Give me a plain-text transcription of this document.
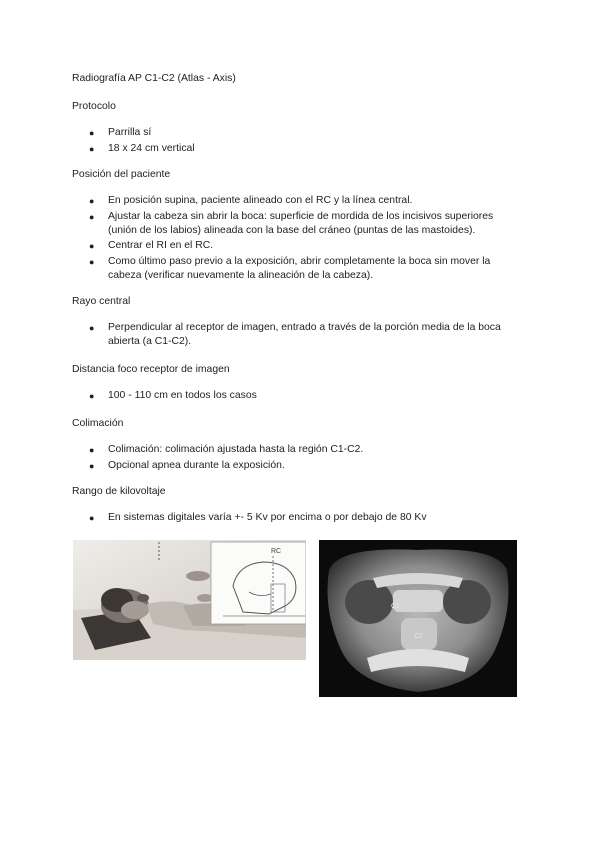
Radiografía AP C1-C2 (Atlas - Axis)
Protocolo
● Parrilla sí
● 18 x 24 cm vertical
Posición del paciente
● En posición supina, paciente alineado con el RC y la línea central.
● Ajustar la cabeza sin abrir la boca: superficie de mordida de los incisivos superiores (unión de los labios) alineada con la base del cráneo (puntas de las mastoides).
● Centrar el RI en el RC.
● Como último paso previo a la exposición, abrir completamente la boca sin mover la cabeza (verificar nuevamente la alineación de la cabeza).
Rayo central
● Perpendicular al receptor de imagen, entrado a través de la porción media de la boca abierta (a C1-C2).
Distancia foco receptor de imagen
● 100 - 110 cm en todos los casos
Colimación
● Colimación: colimación ajustada hasta la región C1-C2.
● Opcional apnea durante la exposición.
Rango de kilovoltaje
● En sistemas digitales varía +- 5 Kv por encima o por debajo de 80 Kv
RC
C1
C2
